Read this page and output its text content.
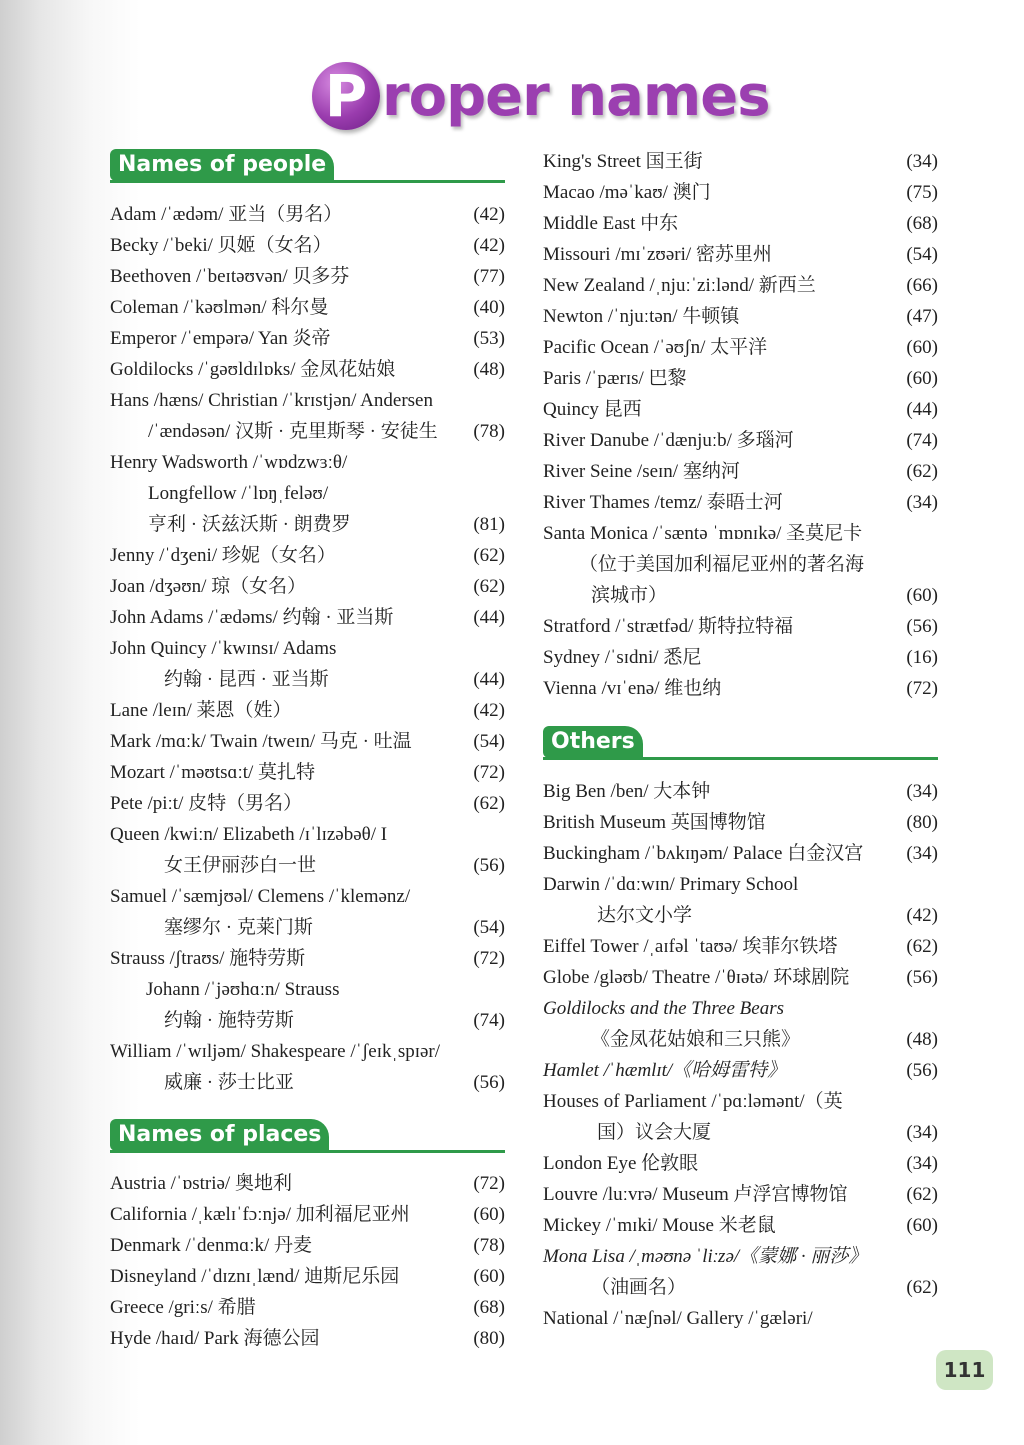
P roper names
Names of people
Adam /ˈædəm/ 亚当（男名）	(42)
Becky /ˈbeki/ 贝姬（女名）	(42)
Beethoven /ˈbeɪtəʊvən/ 贝多芬	(77)
Coleman /ˈkəʊlmən/ 科尔曼	(40)
Emperor /ˈempərə/ Yan 炎帝	(53)
Goldilocks /ˈgəʊldɪlɒks/ 金凤花姑娘	(48)
Hans /hæns/ Christian /ˈkrɪstjən/ Andersen
/ˈændəsən/ 汉斯 · 克里斯琴 · 安徒生 (78)
Henry Wadsworth /ˈwɒdzwɜːθ/
Longfellow /ˈlɒŋˌfeləʊ/
亨利 · 沃兹沃斯 · 朗费罗	(81)
Jenny /ˈdʒeni/ 珍妮（女名）	(62)
Joan /dʒəʊn/ 琼（女名）	(62)
John Adams /ˈædəms/ 约翰 · 亚当斯	(44)
John Quincy /ˈkwɪnsɪ/ Adams
约翰 · 昆西 · 亚当斯	(44)
Lane /leɪn/ 莱恩（姓）	(42)
Mark /mɑːk/ Twain /tweɪn/ 马克 · 吐温	(54)
Mozart /ˈməʊtsɑːt/ 莫扎特	(72)
Pete /piːt/ 皮特（男名）	(62)
Queen /kwiːn/ Elizabeth /ɪˈlɪzəbəθ/ I
女王伊丽莎白一世	(56)
Samuel /ˈsæmjʊəl/ Clemens /ˈklemənz/
塞缪尔 · 克莱门斯	(54)
Strauss /ʃtraʊs/ 施特劳斯	(72)
Johann /ˈjəʊhɑːn/ Strauss
约翰 · 施特劳斯	(74)
William /ˈwɪljəm/ Shakespeare /ˈʃeɪkˌspɪər/
威廉 · 莎士比亚	(56)
Names of places
Austria /ˈɒstriə/ 奥地利	(72)
California /ˌkælɪˈfɔːnjə/ 加利福尼亚州	(60)
Denmark /ˈdenmɑːk/ 丹麦	(78)
Disneyland /ˈdɪznɪˌlænd/ 迪斯尼乐园	(60)
Greece /griːs/ 希腊	(68)
Hyde /haɪd/ Park 海德公园	(80)
King's Street 国王街	(34)
Macao /məˈkaʊ/ 澳门	(75)
Middle East 中东	(68)
Missouri /mɪˈzʊəri/ 密苏里州	(54)
New Zealand /ˌnjuːˈziːlənd/ 新西兰	(66)
Newton /ˈnjuːtən/ 牛顿镇	(47)
Pacific Ocean /ˈəʊʃn/ 太平洋	(60)
Paris /ˈpærɪs/ 巴黎	(60)
Quincy 昆西	(44)
River Danube /ˈdænjuːb/ 多瑙河	(74)
River Seine /seɪn/ 塞纳河	(62)
River Thames /temz/ 泰晤士河	(34)
Santa Monica /ˈsæntə ˈmɒnɪkə/ 圣莫尼卡
（位于美国加利福尼亚州的著名海
滨城市）	(60)
Stratford /ˈstrætfəd/ 斯特拉特福	(56)
Sydney /ˈsɪdni/ 悉尼	(16)
Vienna /vɪˈenə/ 维也纳	(72)
Others
Big Ben /ben/ 大本钟	(34)
British Museum 英国博物馆	(80)
Buckingham /ˈbʌkɪŋəm/ Palace 白金汉宫 (34)
Darwin /ˈdɑːwɪn/ Primary School
达尔文小学	(42)
Eiffel Tower /ˌaɪfəl ˈtaʊə/ 埃菲尔铁塔	(62)
Globe /gləʊb/ Theatre /ˈθɪətə/ 环球剧院	(56)
Goldilocks and the Three Bears
《金凤花姑娘和三只熊》	(48)
Hamlet /ˈhæmlɪt/《哈姆雷特》	(56)
Houses of Parliament /ˈpɑːləmənt/（英
国）议会大厦	(34)
London Eye 伦敦眼	(34)
Louvre /luːvrə/ Museum 卢浮宫博物馆	(62)
Mickey /ˈmɪki/ Mouse 米老鼠	(60)
Mona Lisa /ˌməʊnə ˈliːzə/《蒙娜 · 丽莎》
（油画名）	(62)
National /ˈnæʃnəl/ Gallery /ˈgæləri/
111
